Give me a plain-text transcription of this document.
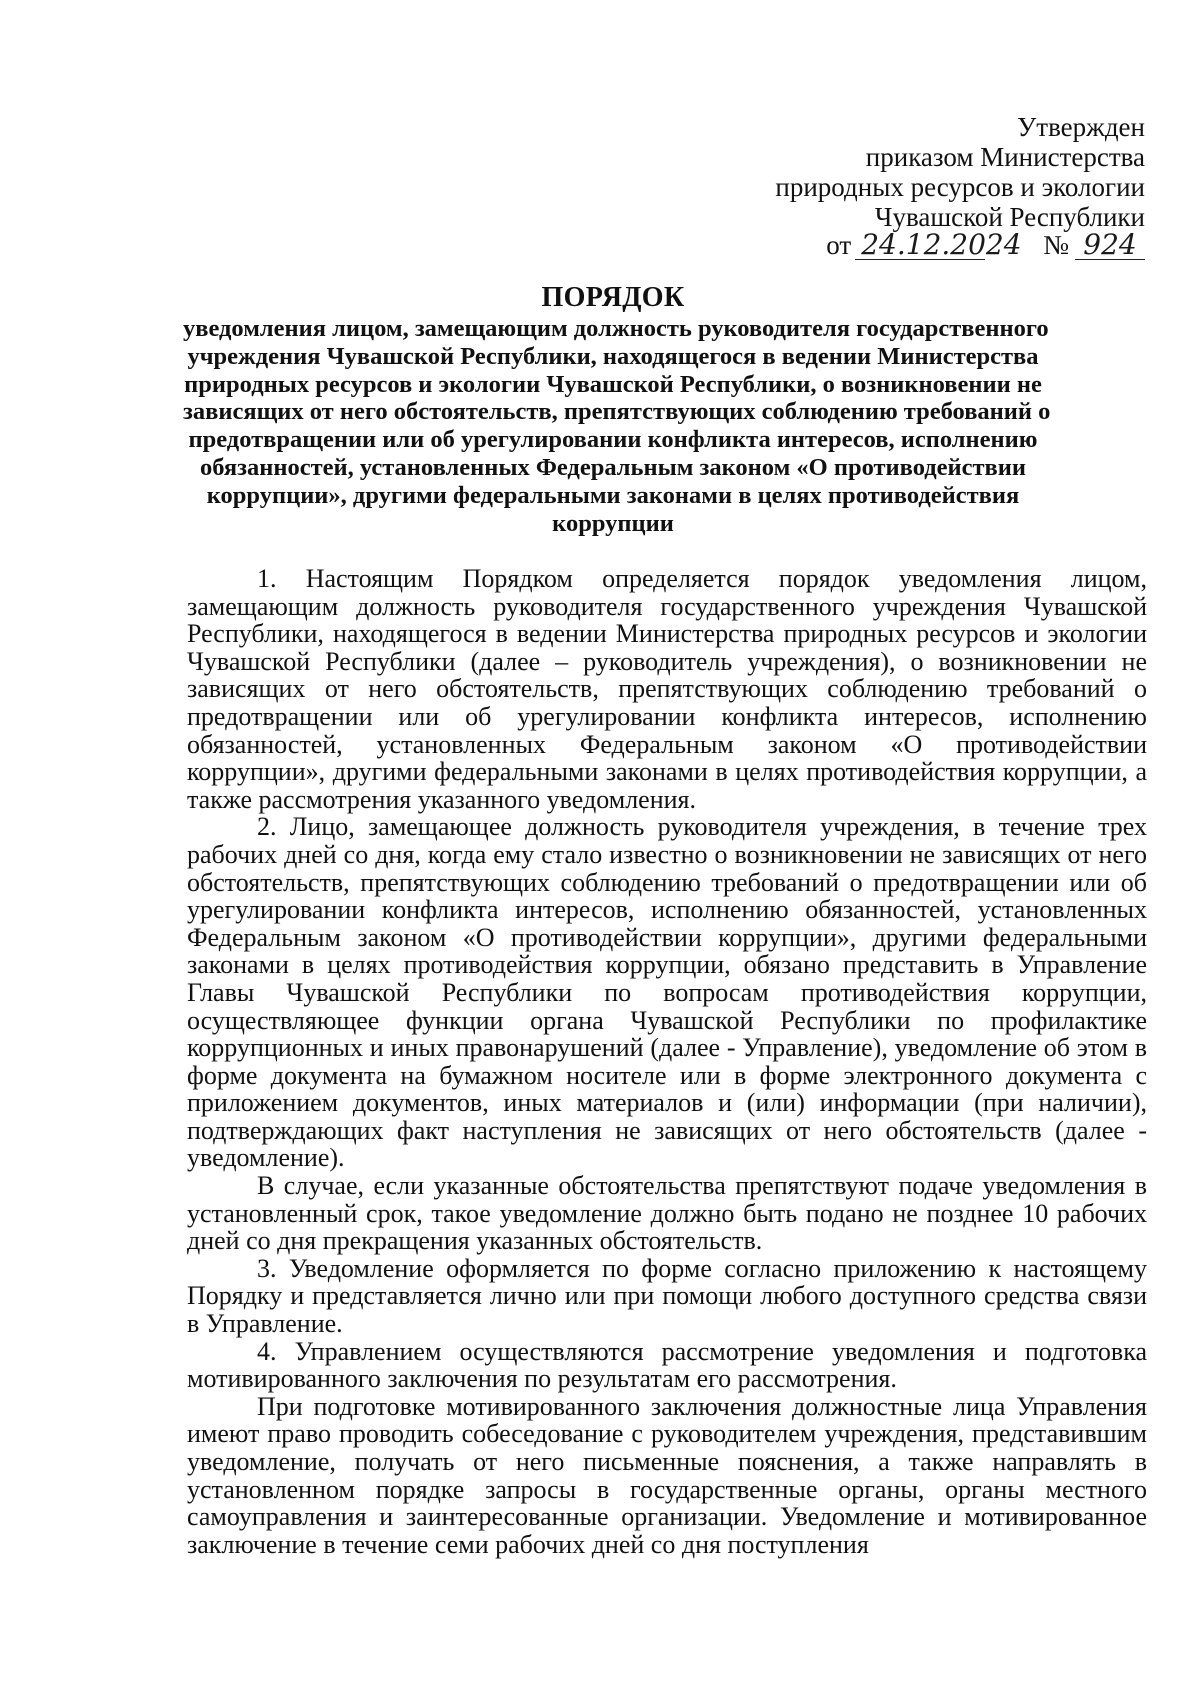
Утвержден
приказом Министерства
природных ресурсов и экологии
Чувашской Республики
от 24.12.2024 № 924
ПОРЯДОК
уведомления лицом, замещающим должность руководителя государственного
учреждения Чувашской Республики, находящегося в ведении Министерства
природных ресурсов и экологии Чувашской Республики, о возникновении не
зависящих от него обстоятельств, препятствующих соблюдению требований о
предотвращении или об урегулировании конфликта интересов, исполнению
обязанностей, установленных Федеральным законом «О противодействии
коррупции», другими федеральными законами в целях противодействия
коррупции

1. Настоящим Порядком определяется порядок уведомления лицом, замещающим должность руководителя государственного учреждения Чувашской Республики, находящегося в ведении Министерства природных ресурсов и экологии Чувашской Республики (далее – руководитель учреждения), о возникновении не зависящих от него обстоятельств, препятствующих соблюдению требований о предотвращении или об урегулировании конфликта интересов, исполнению обязанностей, установленных Федеральным законом «О противодействии коррупции», другими федеральными законами в целях противодействия коррупции, а также рассмотрения указанного уведомления.

2. Лицо, замещающее должность руководителя учреждения, в течение трех рабочих дней со дня, когда ему стало известно о возникновении не зависящих от него обстоятельств, препятствующих соблюдению требований о предотвращении или об урегулировании конфликта интересов, исполнению обязанностей, установленных Федеральным законом «О противодействии коррупции», другими федеральными законами в целях противодействия коррупции, обязано представить в Управление Главы Чувашской Республики по вопросам противодействия коррупции, осуществляющее функции органа Чувашской Республики по профилактике коррупционных и иных правонарушений (далее - Управление), уведомление об этом в форме документа на бумажном носителе или в форме электронного документа с приложением документов, иных материалов и (или) информации (при наличии), подтверждающих факт наступления не зависящих от него обстоятельств (далее - уведомление).

В случае, если указанные обстоятельства препятствуют подаче уведомления в установленный срок, такое уведомление должно быть подано не позднее 10 рабочих дней со дня прекращения указанных обстоятельств.

3. Уведомление оформляется по форме согласно приложению к настоящему Порядку и представляется лично или при помощи любого доступного средства связи в Управление.

4. Управлением осуществляются рассмотрение уведомления и подготовка мотивированного заключения по результатам его рассмотрения.

При подготовке мотивированного заключения должностные лица Управления имеют право проводить собеседование с руководителем учреждения, представившим уведомление, получать от него письменные пояснения, а также направлять в установленном порядке запросы в государственные органы, органы местного самоуправления и заинтересованные организации. Уведомление и мотивированное заключение в течение семи рабочих дней со дня поступления
